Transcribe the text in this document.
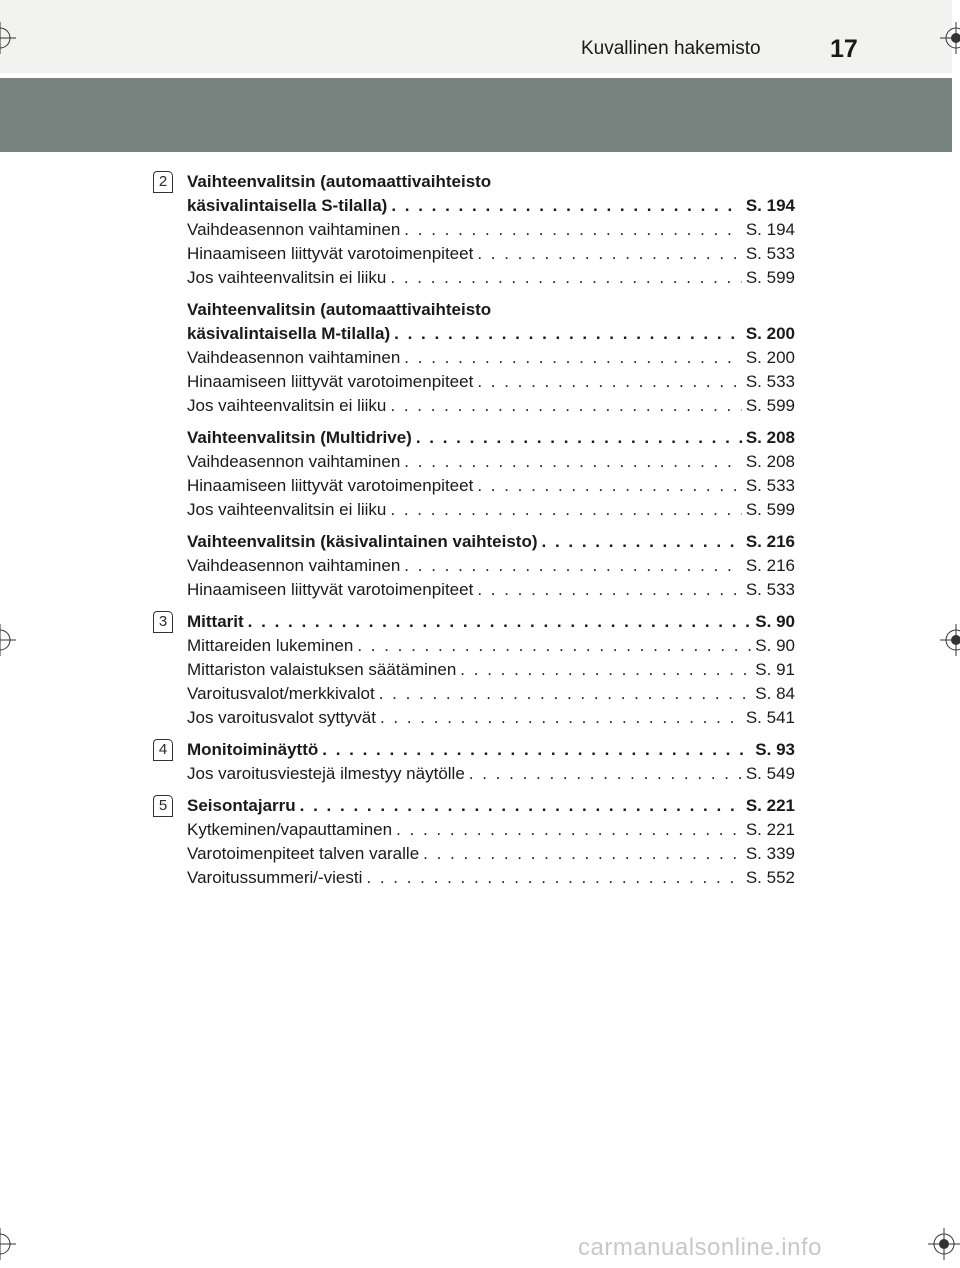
Kuvallinen hakemisto	17
2	Vaihteenvalitsin (automaattivaihteisto
käsivalintaisella S-tilalla) . . .	S. 194
Vaihdeasennon vaihtaminen . . .	S. 194
Hinaamiseen liittyvät varotoimenpiteet . . .	S. 533
Jos vaihteenvalitsin ei liiku . . .	S. 599
Vaihteenvalitsin (automaattivaihteisto
käsivalintaisella M-tilalla) . . .	S. 200
Vaihdeasennon vaihtaminen . . .	S. 200
Hinaamiseen liittyvät varotoimenpiteet . . .	S. 533
Jos vaihteenvalitsin ei liiku . . .	S. 599
Vaihteenvalitsin (Multidrive) . . .	S. 208
Vaihdeasennon vaihtaminen . . .	S. 208
Hinaamiseen liittyvät varotoimenpiteet . . .	S. 533
Jos vaihteenvalitsin ei liiku . . .	S. 599
Vaihteenvalitsin (käsivalintainen vaihteisto) . . .	S. 216
Vaihdeasennon vaihtaminen . . .	S. 216
Hinaamiseen liittyvät varotoimenpiteet . . .	S. 533
3	Mittarit . . .	S. 90
Mittareiden lukeminen . . .	S. 90
Mittariston valaistuksen säätäminen . . .	S. 91
Varoitusvalot/merkkivalot . . .	S. 84
Jos varoitusvalot syttyvät . . .	S. 541
4	Monitoiminäyttö . . .	S. 93
Jos varoitusviestejä ilmestyy näytölle . . .	S. 549
5	Seisontajarru . . .	S. 221
Kytkeminen/vapauttaminen . . .	S. 221
Varotoimenpiteet talven varalle . . .	S. 339
Varoitussummeri/-viesti . . .	S. 552
carmanualsonline.info
